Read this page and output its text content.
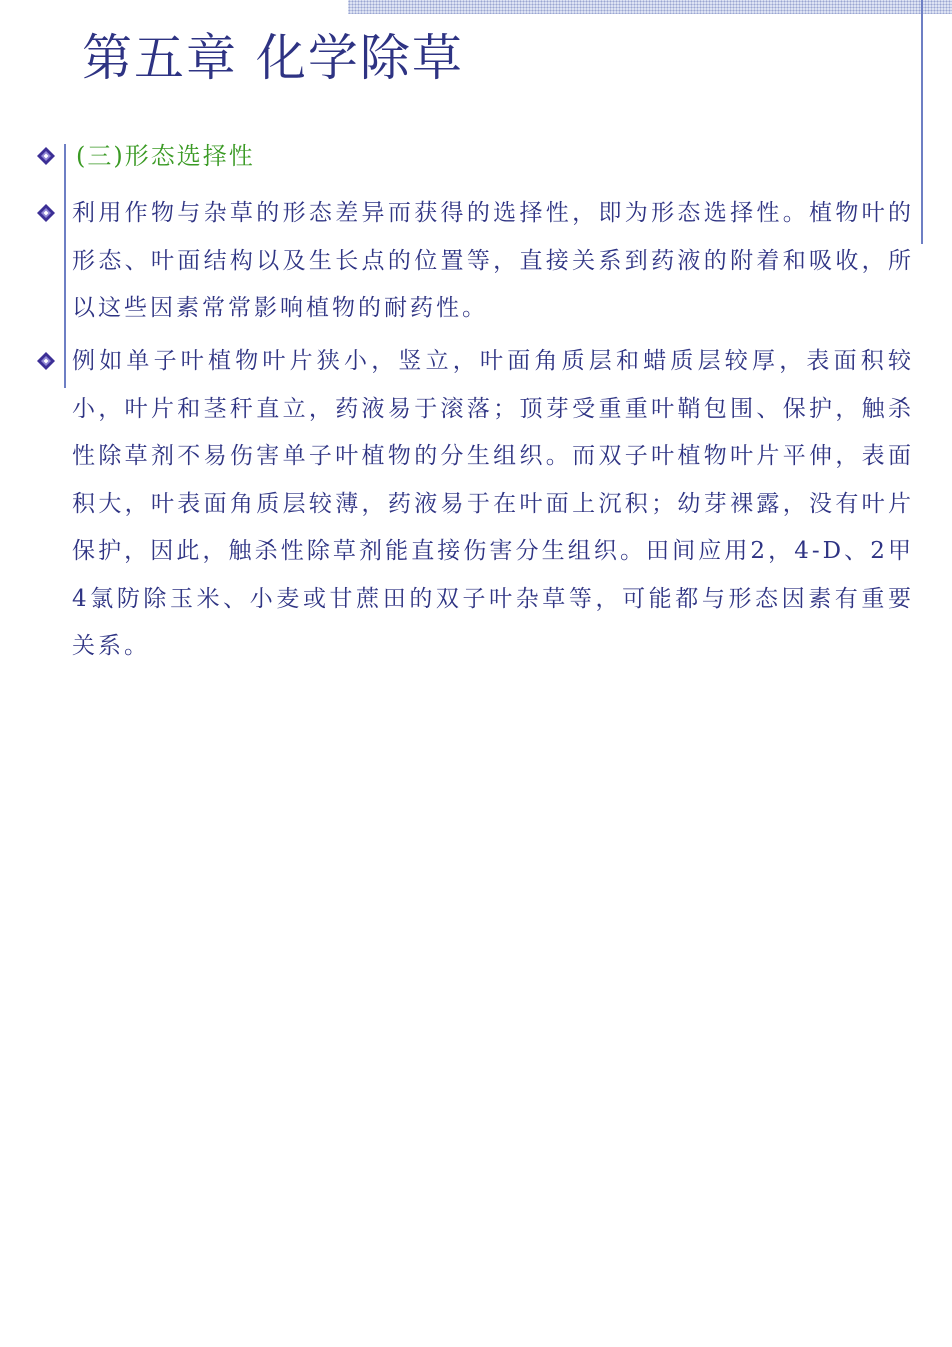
第五章 化学除草
(三)形态选择性

利用作物与杂草的形态差异而获得的选择性，即为形态选择性。植物叶的形态、叶面结构以及生长点的位置等，直接关系到药液的附着和吸收，所以这些因素常常影响植物的耐药性。

例如单子叶植物叶片狭小，竖立，叶面角质层和蜡质层较厚，表面积较小，叶片和茎秆直立，药液易于滚落；顶芽受重重叶鞘包围、保护，触杀性除草剂不易伤害单子叶植物的分生组织。而双子叶植物叶片平伸，表面积大，叶表面角质层较薄，药液易于在叶面上沉积；幼芽裸露，没有叶片保护，因此，触杀性除草剂能直接伤害分生组织。田间应用2，4-D、2甲4氯防除玉米、小麦或甘蔗田的双子叶杂草等，可能都与形态因素有重要关系。
